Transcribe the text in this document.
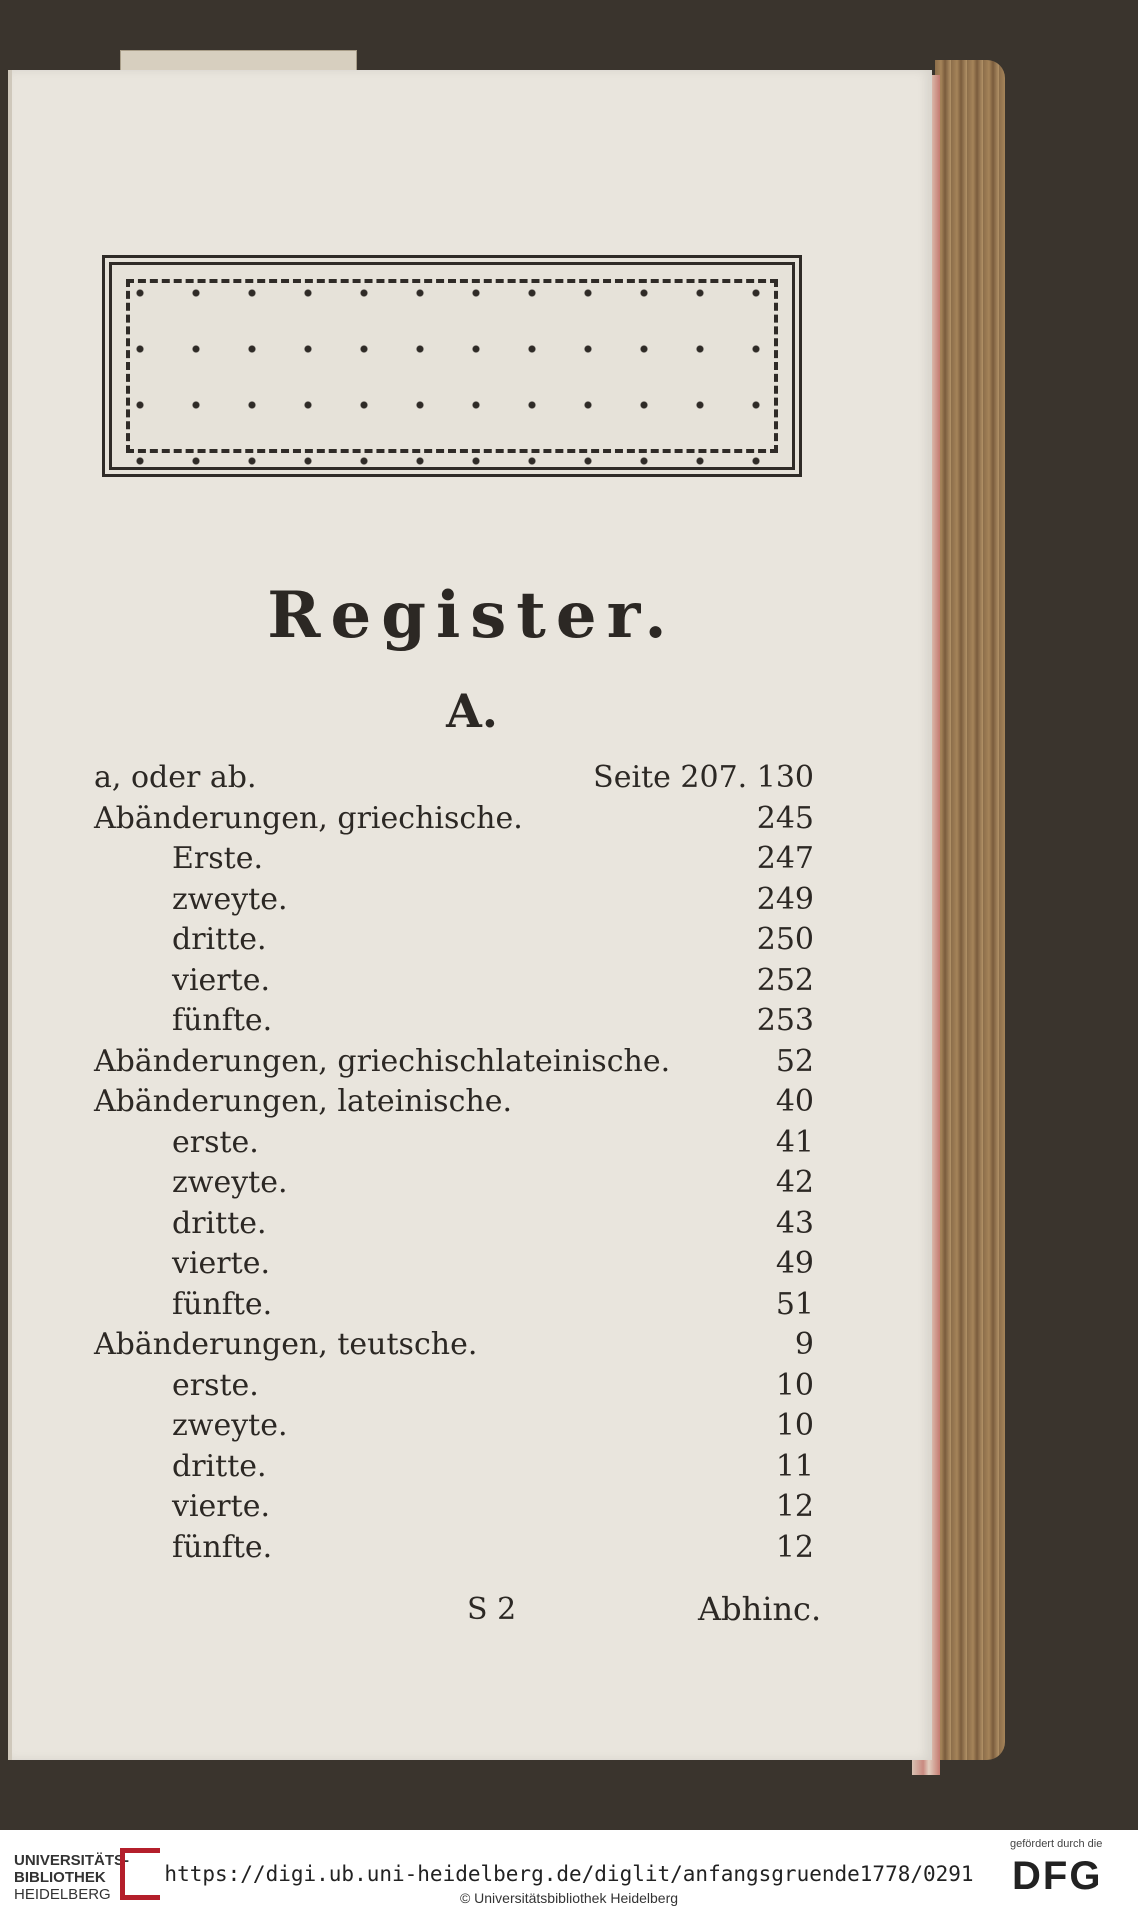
Register.
A.
a, oder ab.	Seite 207. 130
Abänderungen, griechische.	245
Erste.	247
zweyte.	249
dritte.	250
vierte.	252
fünfte.	253
Abänderungen, griechischlateinische.	52
Abänderungen, lateinische.	40
erste.	41
zweyte.	42
dritte.	43
vierte.	49
fünfte.	51
Abänderungen, teutsche.	9
erste.	10
zweyte.	10
dritte.	11
vierte.	12
fünfte.	12
S 2	Abhinc.
UNIVERSITÄTS-
BIBLIOTHEK
HEIDELBERG
https://digi.ub.uni-heidelberg.de/diglit/anfangsgruende1778/0291
© Universitätsbibliothek Heidelberg
gefördert durch die
DFG
